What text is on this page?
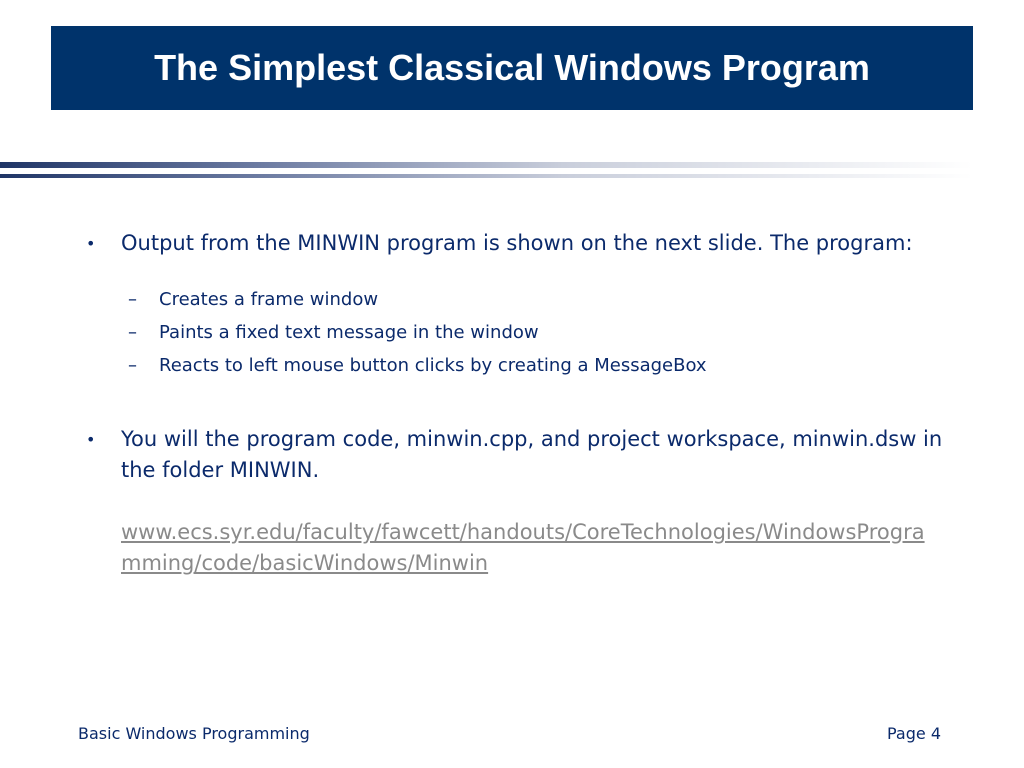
The Simplest Classical Windows Program
•	Output from the MINWIN program is shown on the next slide. The program:
–	Creates a frame window
–	Paints a fixed text message in the window
–	Reacts to left mouse button clicks by creating a MessageBox
•	You will the program code, minwin.cpp, and project workspace, minwin.dsw in the folder MINWIN.
www.ecs.syr.edu/faculty/fawcett/handouts/CoreTechnologies/WindowsProgramming/code/basicWindows/Minwin
Basic Windows Programming	Page 4
